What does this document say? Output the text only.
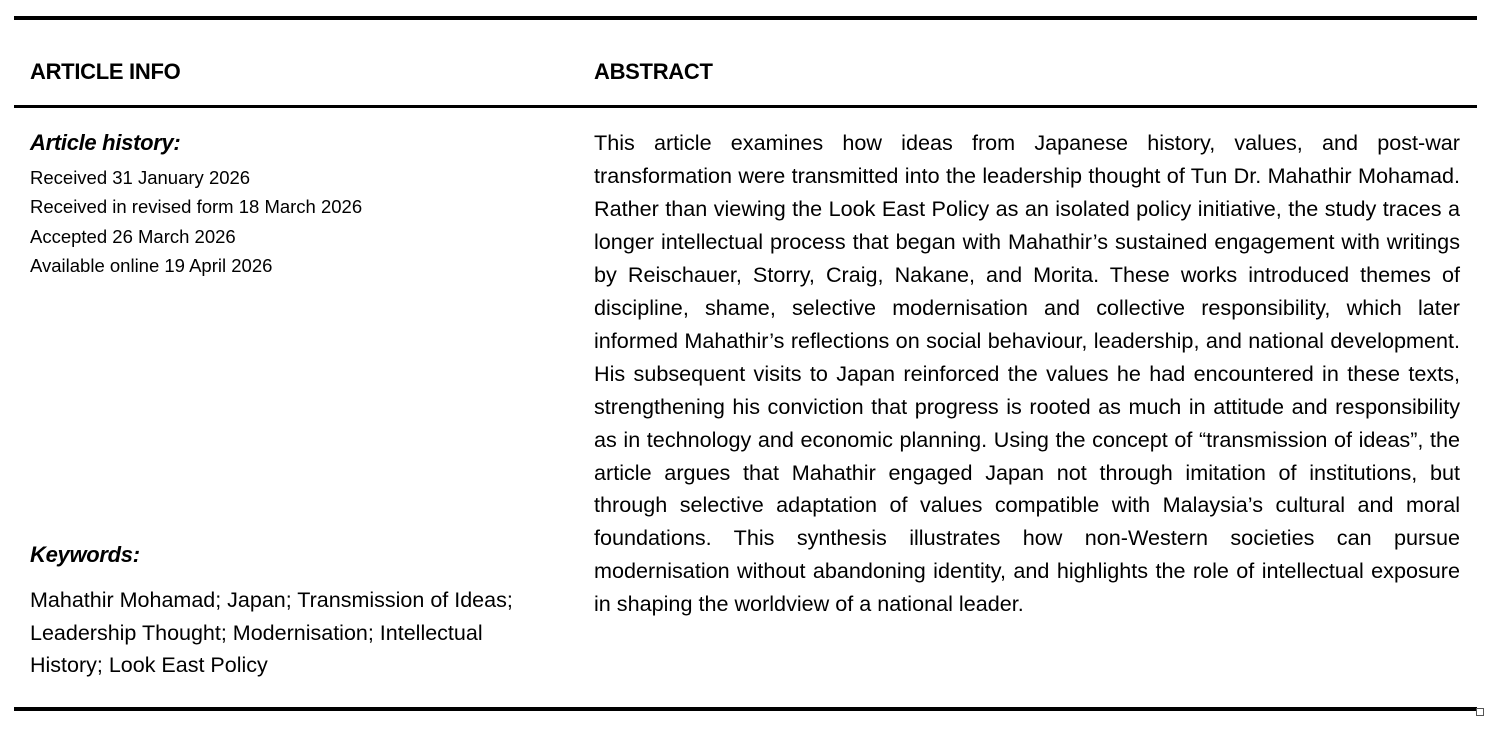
ARTICLE INFO	ABSTRACT
Article history:
Received 31 January 2026
Received in revised form 18 March 2026
Accepted 26 March 2026
Available online 19 April 2026
Keywords:
Mahathir Mohamad; Japan; Transmission of Ideas; Leadership Thought; Modernisation; Intellectual History; Look East Policy
This article examines how ideas from Japanese history, values, and post-war transformation were transmitted into the leadership thought of Tun Dr. Mahathir Mohamad. Rather than viewing the Look East Policy as an isolated policy initiative, the study traces a longer intellectual process that began with Mahathir’s sustained engagement with writings by Reischauer, Storry, Craig, Nakane, and Morita. These works introduced themes of discipline, shame, selective modernisation and collective responsibility, which later informed Mahathir’s reflections on social behaviour, leadership, and national development. His subsequent visits to Japan reinforced the values he had encountered in these texts, strengthening his conviction that progress is rooted as much in attitude and responsibility as in technology and economic planning. Using the concept of “transmission of ideas”, the article argues that Mahathir engaged Japan not through imitation of institutions, but through selective adaptation of values compatible with Malaysia’s cultural and moral foundations. This synthesis illustrates how non-Western societies can pursue modernisation without abandoning identity, and highlights the role of intellectual exposure in shaping the worldview of a national leader.
